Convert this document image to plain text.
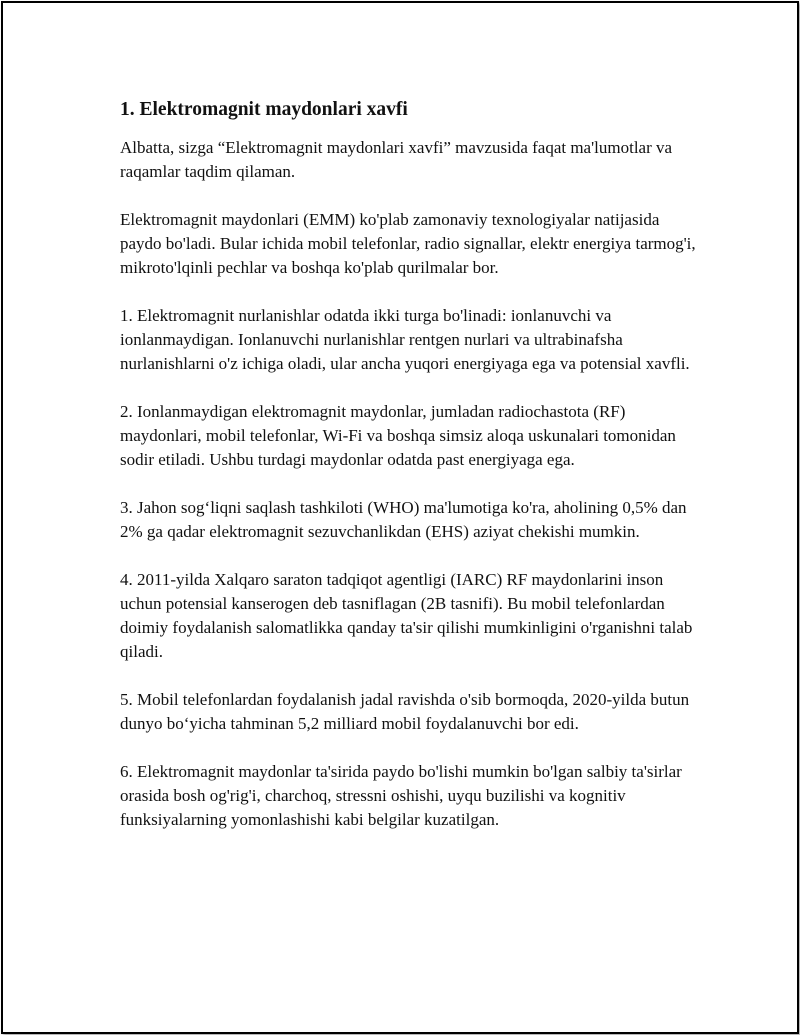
1. Elektromagnit maydonlari xavfi

Albatta, sizga “Elektromagnit maydonlari xavfi” mavzusida faqat ma'lumotlar va raqamlar taqdim qilaman.

Elektromagnit maydonlari (EMM) ko'plab zamonaviy texnologiyalar natijasida paydo bo'ladi. Bular ichida mobil telefonlar, radio signallar, elektr energiya tarmog'i, mikroto'lqinli pechlar va boshqa ko'plab qurilmalar bor.

1. Elektromagnit nurlanishlar odatda ikki turga bo'linadi: ionlanuvchi va ionlanmaydigan. Ionlanuvchi nurlanishlar rentgen nurlari va ultrabinafsha nurlanishlarni o'z ichiga oladi, ular ancha yuqori energiyaga ega va potensial xavfli.

2. Ionlanmaydigan elektromagnit maydonlar, jumladan radiochastota (RF) maydonlari, mobil telefonlar, Wi-Fi va boshqa simsiz aloqa uskunalari tomonidan sodir etiladi. Ushbu turdagi maydonlar odatda past energiyaga ega.

3. Jahon sog‘liqni saqlash tashkiloti (WHO) ma'lumotiga ko'ra, aholining 0,5% dan 2% ga qadar elektromagnit sezuvchanlikdan (EHS) aziyat chekishi mumkin.

4. 2011-yilda Xalqaro saraton tadqiqot agentligi (IARC) RF maydonlarini inson uchun potensial kanserogen deb tasniflagan (2B tasnifi). Bu mobil telefonlardan doimiy foydalanish salomatlikka qanday ta'sir qilishi mumkinligini o'rganishni talab qiladi.

5. Mobil telefonlardan foydalanish jadal ravishda o'sib bormoqda, 2020-yilda butun dunyo bo‘yicha tahminan 5,2 milliard mobil foydalanuvchi bor edi.

6. Elektromagnit maydonlar ta'sirida paydo bo'lishi mumkin bo'lgan salbiy ta'sirlar orasida bosh og'rig'i, charchoq, stressni oshishi, uyqu buzilishi va kognitiv funksiyalarning yomonlashishi kabi belgilar kuzatilgan.
